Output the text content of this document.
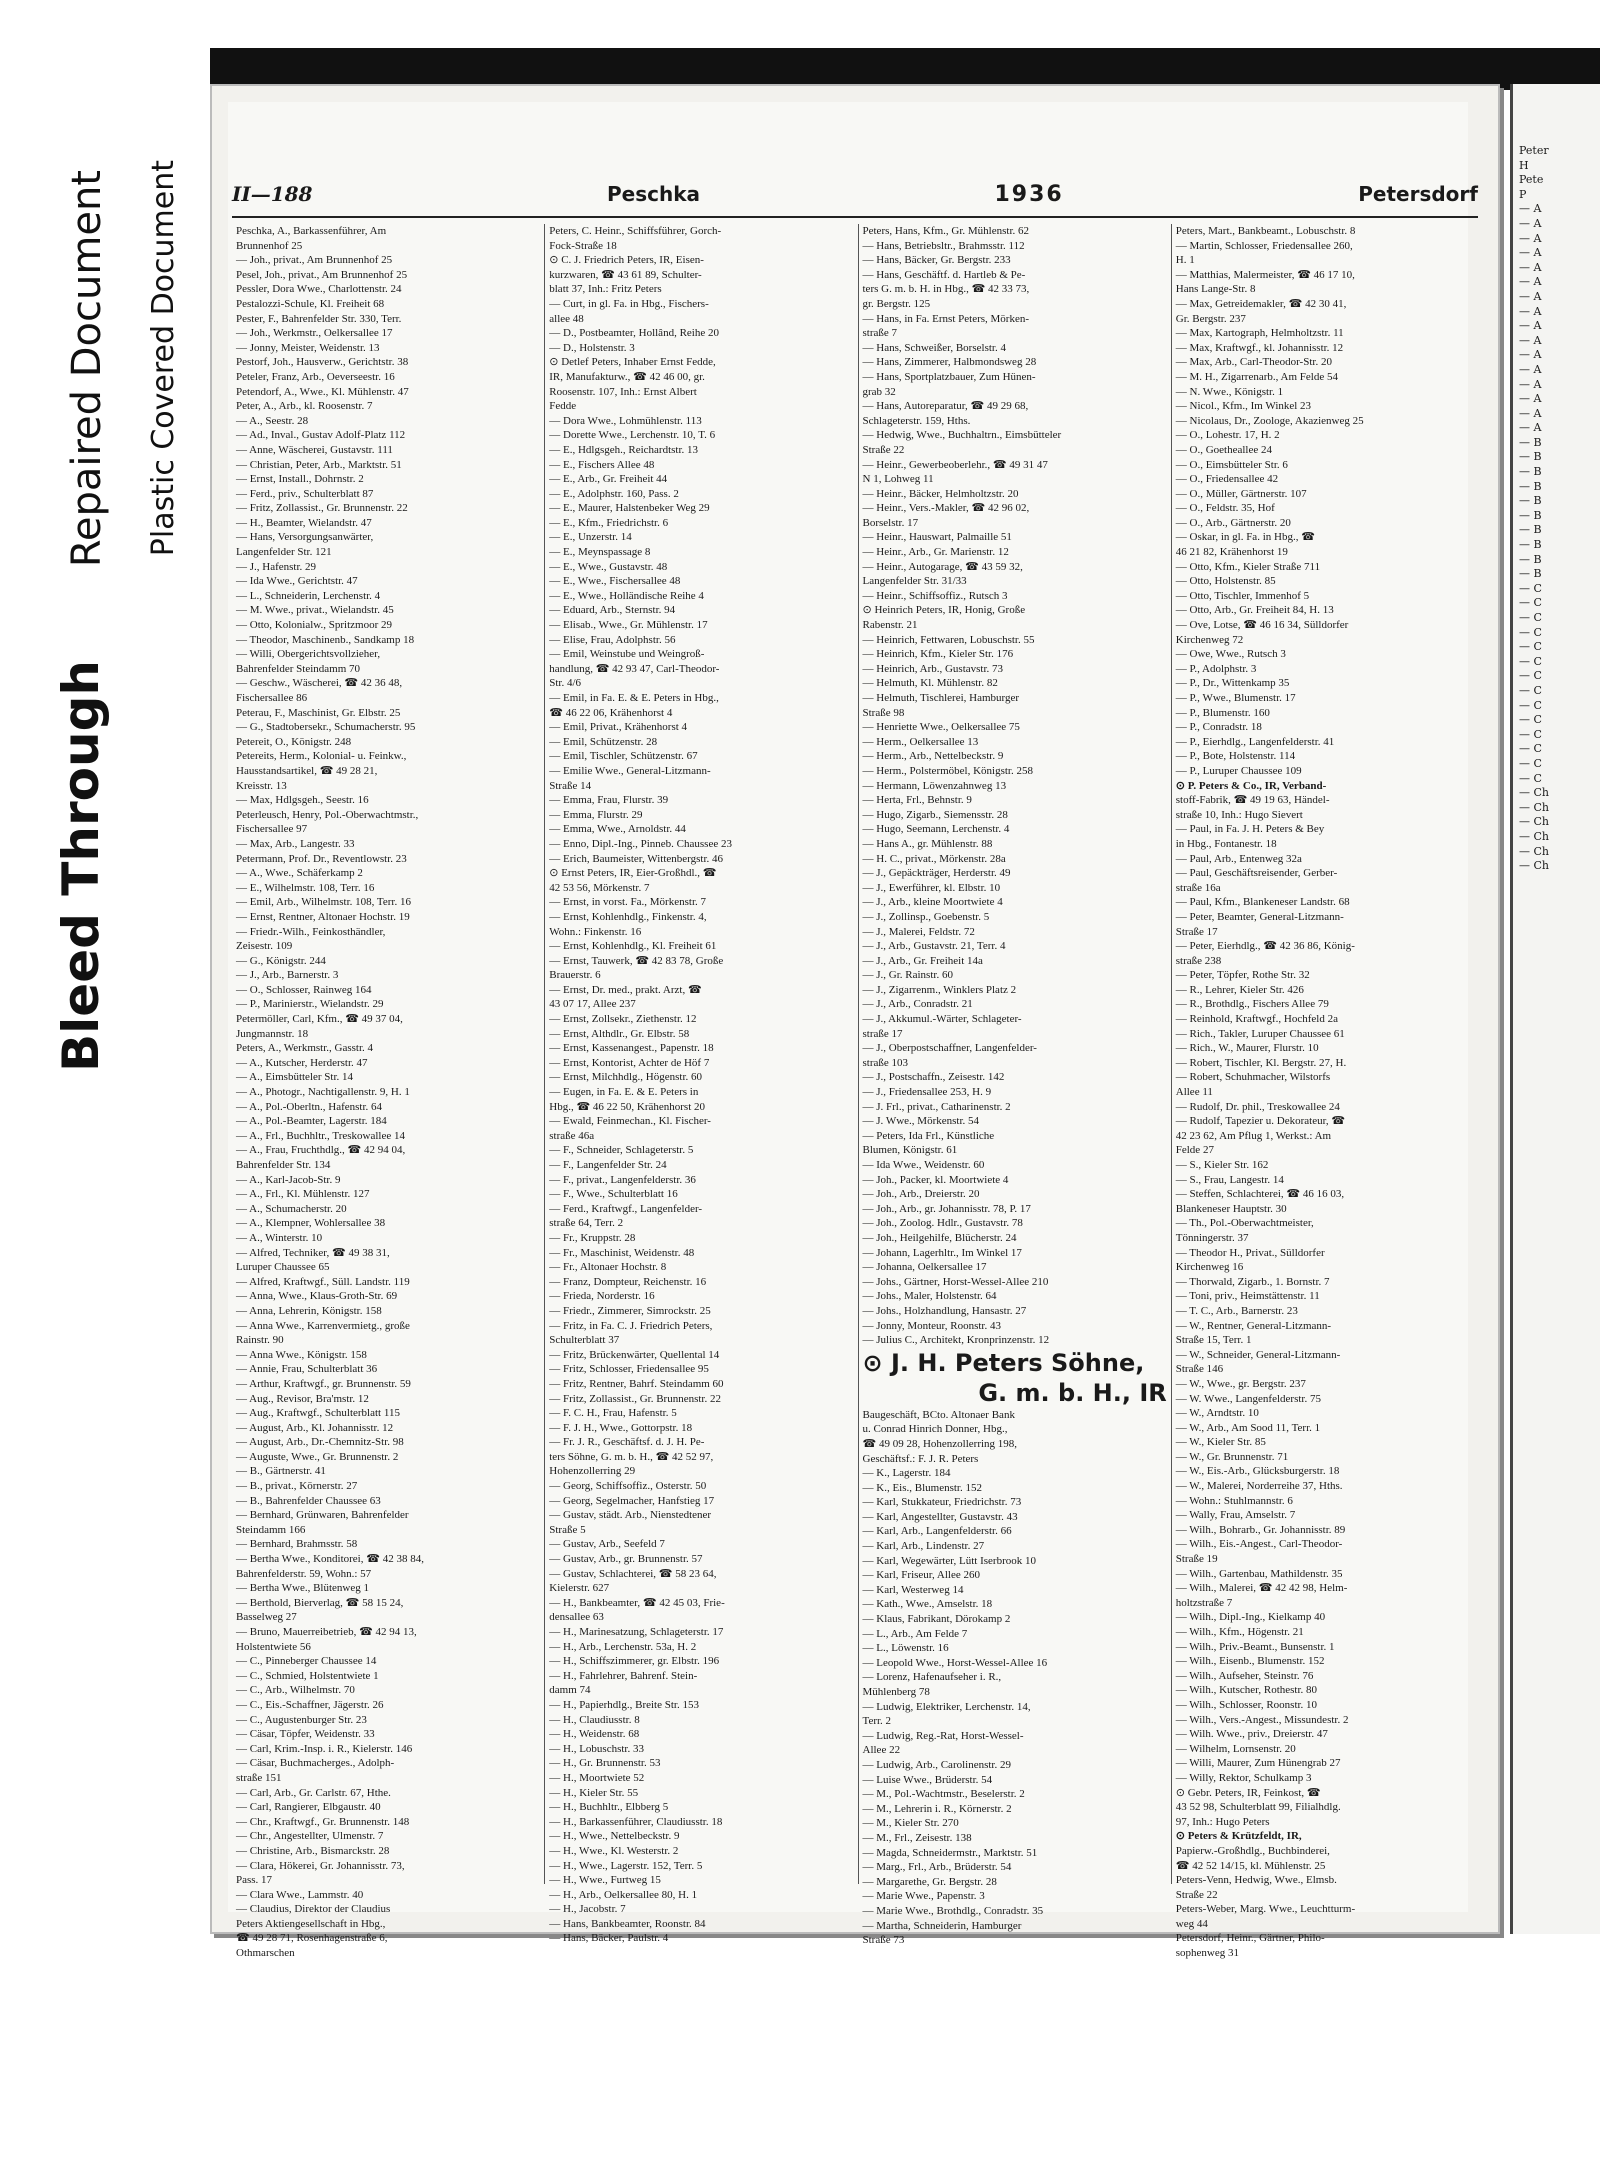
Bleed Through
Repaired Document Plastic Covered Document	II—188	Peschka	1936	Petersdorf
Peschka, A., Barkassenführer, Am
Brunnenhof 25
— Joh., privat., Am Brunnenhof 25
Pesel, Joh., privat., Am Brunnenhof 25
Pessler, Dora Wwe., Charlottenstr. 24
Pestalozzi-Schule, Kl. Freiheit 68
Pester, F., Bahrenfelder Str. 330, Terr.
— Joh., Werkmstr., Oelkersallee 17
— Jonny, Meister, Weidenstr. 13
Pestorf, Joh., Hausverw., Gerichtstr. 38
Peteler, Franz, Arb., Oeverseestr. 16
Petendorf, A., Wwe., Kl. Mühlenstr. 47
Peter, A., Arb., kl. Roosenstr. 7
— A., Seestr. 28
— Ad., Inval., Gustav Adolf-Platz 112
— Anne, Wäscherei, Gustavstr. 111
— Christian, Peter, Arb., Marktstr. 51
— Ernst, Install., Dohrnstr. 2
— Ferd., priv., Schulterblatt 87
— Fritz, Zollassist., Gr. Brunnenstr. 22
— H., Beamter, Wielandstr. 47
— Hans, Versorgungsanwärter,
Langenfelder Str. 121
— J., Hafenstr. 29
— Ida Wwe., Gerichtstr. 47
— L., Schneiderin, Lerchenstr. 4
— M. Wwe., privat., Wielandstr. 45
— Otto, Kolonialw., Spritzmoor 29
— Theodor, Maschinenb., Sandkamp 18
— Willi, Obergerichtsvollzieher,
Bahrenfelder Steindamm 70
— Geschw., Wäscherei, ☎ 42 36 48,
Fischersallee 86
Peterau, F., Maschinist, Gr. Elbstr. 25
— G., Stadtobersekr., Schumacherstr. 95
Petereit, O., Königstr. 248
Petereits, Herm., Kolonial- u. Feinkw.,
Hausstandsartikel, ☎ 49 28 21,
Kreisstr. 13
— Max, Hdlgsgeh., Seestr. 16
Peterleusch, Henry, Pol.-Oberwachtmstr.,
Fischersallee 97
— Max, Arb., Langestr. 33
Petermann, Prof. Dr., Reventlowstr. 23
— A., Wwe., Schäferkamp 2
— E., Wilhelmstr. 108, Terr. 16
— Emil, Arb., Wilhelmstr. 108, Terr. 16
— Ernst, Rentner, Altonaer Hochstr. 19
— Friedr.-Wilh., Feinkosthändler,
Zeisestr. 109
— G., Königstr. 244
— J., Arb., Barnerstr. 3
— O., Schlosser, Rainweg 164
— P., Marinierstr., Wielandstr. 29
Petermöller, Carl, Kfm., ☎ 49 37 04,
Jungmannstr. 18
Peters, A., Werkmstr., Gasstr. 4
— A., Kutscher, Herderstr. 47
— A., Eimsbütteler Str. 14
— A., Photogr., Nachtigallenstr. 9, H. 1
— A., Pol.-Oberltn., Hafenstr. 64
— A., Pol.-Beamter, Lagerstr. 184
— A., Frl., Buchhltr., Treskowallee 14
— A., Frau, Fruchthdlg., ☎ 42 94 04,
Bahrenfelder Str. 134
— A., Karl-Jacob-Str. 9
— A., Frl., Kl. Mühlenstr. 127
— A., Schumacherstr. 20
— A., Klempner, Wohlersallee 38
— A., Winterstr. 10
— Alfred, Techniker, ☎ 49 38 31,
Luruper Chaussee 65
— Alfred, Kraftwgf., Süll. Landstr. 119
— Anna, Wwe., Klaus-Groth-Str. 69
— Anna, Lehrerin, Königstr. 158
— Anna Wwe., Karrenvermietg., große
Rainstr. 90
— Anna Wwe., Königstr. 158
— Annie, Frau, Schulterblatt 36
— Arthur, Kraftwgf., gr. Brunnenstr. 59
— Aug., Revisor, Bra'mstr. 12
— Aug., Kraftwgf., Schulterblatt 115
— August, Arb., Kl. Johannisstr. 12
— August, Arb., Dr.-Chemnitz-Str. 98
— Auguste, Wwe., Gr. Brunnenstr. 2
— B., Gärtnerstr. 41
— B., privat., Körnerstr. 27
— B., Bahrenfelder Chaussee 63
— Bernhard, Grünwaren, Bahrenfelder
Steindamm 166
— Bernhard, Brahmsstr. 58
— Bertha Wwe., Konditorei, ☎ 42 38 84,
Bahrenfelderstr. 59, Wohn.: 57
— Bertha Wwe., Blütenweg 1
— Berthold, Bierverlag, ☎ 58 15 24,
Basselweg 27
— Bruno, Mauerreibetrieb, ☎ 42 94 13,
Holstentwiete 56
— C., Pinneberger Chaussee 14
— C., Schmied, Holstentwiete 1
— C., Arb., Wilhelmstr. 70
— C., Eis.-Schaffner, Jägerstr. 26
— C., Augustenburger Str. 23
— Cäsar, Töpfer, Weidenstr. 33
— Carl, Krim.-Insp. i. R., Kielerstr. 146
— Cäsar, Buchmacherges., Adolph-
straße 151
— Carl, Arb., Gr. Carlstr. 67, Hthe.
— Carl, Rangierer, Elbgaustr. 40
— Chr., Kraftwgf., Gr. Brunnenstr. 148
— Chr., Angestellter, Ulmenstr. 7
— Christine, Arb., Bismarckstr. 28
— Clara, Hökerei, Gr. Johannisstr. 73,
Pass. 17
— Clara Wwe., Lammstr. 40
— Claudius, Direktor der Claudius
Peters Aktiengesellschaft in Hbg.,
☎ 49 28 71, Rosenhagenstraße 6,
Othmarschen
Peters, C. Heinr., Schiffsführer, Gorch-
Fock-Straße 18
⊙ C. J. Friedrich Peters, IR, Eisen-
kurzwaren, ☎ 43 61 89, Schulter-
blatt 37, Inh.: Fritz Peters
— Curt, in gl. Fa. in Hbg., Fischers-
allee 48
— D., Postbeamter, Hollând, Reihe 20
— D., Holstenstr. 3
⊙ Detlef Peters, Inhaber Ernst Fedde,
IR, Manufakturw., ☎ 42 46 00, gr.
Roosenstr. 107, Inh.: Ernst Albert
Fedde
— Dora Wwe., Lohmühlenstr. 113
— Dorette Wwe., Lerchenstr. 10, T. 6
— E., Hdlgsgeh., Reichardtstr. 13
— E., Fischers Allee 48
— E., Arb., Gr. Freiheit 44
— E., Adolphstr. 160, Pass. 2
— E., Maurer, Halstenbeker Weg 29
— E., Kfm., Friedrichstr. 6
— E., Unzerstr. 14
— E., Meynspassage 8
— E., Wwe., Gustavstr. 48
— E., Wwe., Fischersallee 48
— E., Wwe., Holländische Reihe 4
— Eduard, Arb., Sternstr. 94
— Elisab., Wwe., Gr. Mühlenstr. 17
— Elise, Frau, Adolphstr. 56
— Emil, Weinstube und Weingroß-
handlung, ☎ 42 93 47, Carl-Theodor-
Str. 4/6
— Emil, in Fa. E. & E. Peters in Hbg.,
☎ 46 22 06, Krähenhorst 4
— Emil, Privat., Krähenhorst 4
— Emil, Schützenstr. 28
— Emil, Tischler, Schützenstr. 67
— Emilie Wwe., General-Litzmann-
Straße 14
— Emma, Frau, Flurstr. 39
— Emma, Flurstr. 29
— Emma, Wwe., Arnoldstr. 44
— Enno, Dipl.-Ing., Pinneb. Chaussee 23
— Erich, Baumeister, Wittenbergstr. 46
⊙ Ernst Peters, IR, Eier-Großhdl., ☎
42 53 56, Mörkenstr. 7
— Ernst, in vorst. Fa., Mörkenstr. 7
— Ernst, Kohlenhdlg., Finkenstr. 4,
Wohn.: Finkenstr. 16
— Ernst, Kohlenhdlg., Kl. Freiheit 61
— Ernst, Tauwerk, ☎ 42 83 78, Große
Brauerstr. 6
— Ernst, Dr. med., prakt. Arzt, ☎
43 07 17, Allee 237
— Ernst, Zollsekr., Ziethenstr. 12
— Ernst, Althdlr., Gr. Elbstr. 58
— Ernst, Kassenangest., Papenstr. 18
— Ernst, Kontorist, Achter de Höf 7
— Ernst, Milchhdlg., Högenstr. 60
— Eugen, in Fa. E. & E. Peters in
Hbg., ☎ 46 22 50, Krähenhorst 20
— Ewald, Feinmechan., Kl. Fischer-
straße 46a
— F., Schneider, Schlageterstr. 5
— F., Langenfelder Str. 24
— F., privat., Langenfelderstr. 36
— F., Wwe., Schulterblatt 16
— Ferd., Kraftwgf., Langenfelder-
straße 64, Terr. 2
— Fr., Kruppstr. 28
— Fr., Maschinist, Weidenstr. 48
— Fr., Altonaer Hochstr. 8
— Franz, Dompteur, Reichenstr. 16
— Frieda, Norderstr. 16
— Friedr., Zimmerer, Simrockstr. 25
— Fritz, in Fa. C. J. Friedrich Peters,
Schulterblatt 37
— Fritz, Brückenwärter, Quellental 14
— Fritz, Schlosser, Friedensallee 95
— Fritz, Rentner, Bahrf. Steindamm 60
— Fritz, Zollassist., Gr. Brunnenstr. 22
— F. C. H., Frau, Hafenstr. 5
— F. J. H., Wwe., Gottorpstr. 18
— Fr. J. R., Geschäftsf. d. J. H. Pe-
ters Söhne, G. m. b. H., ☎ 42 52 97,
Hohenzollerring 29
— Georg, Schiffsoffiz., Osterstr. 50
— Georg, Segelmacher, Hanfstieg 17
— Gustav, städt. Arb., Nienstedtener
Straße 5
— Gustav, Arb., Seefeld 7
— Gustav, Arb., gr. Brunnenstr. 57
— Gustav, Schlachterei, ☎ 58 23 64,
Kielerstr. 627
— H., Bankbeamter, ☎ 42 45 03, Frie-
densallee 63
— H., Marinesatzung, Schlageterstr. 17
— H., Arb., Lerchenstr. 53a, H. 2
— H., Schiffszimmerer, gr. Elbstr. 196
— H., Fahrlehrer, Bahrenf. Stein-
damm 74
— H., Papierhdlg., Breite Str. 153
— H., Claudiusstr. 8
— H., Weidenstr. 68
— H., Lobuschstr. 33
— H., Gr. Brunnenstr. 53
— H., Moortwiete 52
— H., Kieler Str. 55
— H., Buchhltr., Elbberg 5
— H., Barkassenführer, Claudiusstr. 18
— H., Wwe., Nettelbeckstr. 9
— H., Wwe., Kl. Westerstr. 2
— H., Wwe., Lagerstr. 152, Terr. 5
— H., Wwe., Furtweg 15
— H., Arb., Oelkersallee 80, H. 1
— H., Jacobstr. 7
— Hans, Bankbeamter, Roonstr. 84
— Hans, Bäcker, Paulstr. 4
Peters, Hans, Kfm., Gr. Mühlenstr. 62
— Hans, Betriebsltr., Brahmsstr. 112
— Hans, Bäcker, Gr. Bergstr. 233
— Hans, Geschäftf. d. Hartleb & Pe-
ters G. m. b. H. in Hbg., ☎ 42 33 73,
gr. Bergstr. 125
— Hans, in Fa. Ernst Peters, Mörken-
straße 7
— Hans, Schweißer, Borselstr. 4
— Hans, Zimmerer, Halbmondsweg 28
— Hans, Sportplatzbauer, Zum Hünen-
grab 32
— Hans, Autoreparatur, ☎ 49 29 68,
Schlageterstr. 159, Hths.
— Hedwig, Wwe., Buchhaltrn., Eimsbütteler
Straße 22
— Heinr., Gewerbeoberlehr., ☎ 49 31 47
N 1, Lohweg 11
— Heinr., Bäcker, Helmholtzstr. 20
— Heinr., Vers.-Makler, ☎ 42 96 02,
Borselstr. 17
— Heinr., Hauswart, Palmaille 51
— Heinr., Arb., Gr. Marienstr. 12
— Heinr., Autogarage, ☎ 43 59 32,
Langenfelder Str. 31/33
— Heinr., Schiffsoffiz., Rutsch 3
⊙ Heinrich Peters, IR, Honig, Große
Rabenstr. 21
— Heinrich, Fettwaren, Lobuschstr. 55
— Heinrich, Kfm., Kieler Str. 176
— Heinrich, Arb., Gustavstr. 73
— Helmuth, Kl. Mühlenstr. 82
— Helmuth, Tischlerei, Hamburger
Straße 98
— Henriette Wwe., Oelkersallee 75
— Herm., Oelkersallee 13
— Herm., Arb., Nettelbeckstr. 9
— Herm., Polstermöbel, Königstr. 258
— Hermann, Löwenzahnweg 13
— Herta, Frl., Behnstr. 9
— Hugo, Zigarb., Siemensstr. 28
— Hugo, Seemann, Lerchenstr. 4
— Hans A., gr. Mühlenstr. 88
— H. C., privat., Mörkenstr. 28a
— J., Gepäckträger, Herderstr. 49
— J., Ewerführer, kl. Elbstr. 10
— J., Arb., kleine Moortwiete 4
— J., Zollinsp., Goebenstr. 5
— J., Malerei, Feldstr. 72
— J., Arb., Gustavstr. 21, Terr. 4
— J., Arb., Gr. Freiheit 14a
— J., Gr. Rainstr. 60
— J., Zigarrenm., Winklers Platz 2
— J., Arb., Conradstr. 21
— J., Akkumul.-Wärter, Schlageter-
straße 17
— J., Oberpostschaffner, Langenfelder-
straße 103
— J., Postschaffn., Zeisestr. 142
— J., Friedensallee 253, H. 9
— J. Frl., privat., Catharinenstr. 2
— J. Wwe., Mörkenstr. 54
— Peters, Ida Frl., Künstliche
Blumen, Königstr. 61
— Ida Wwe., Weidenstr. 60
— Joh., Packer, kl. Moortwiete 4
— Joh., Arb., Dreierstr. 20
— Joh., Arb., gr. Johannisstr. 78, P. 17
— Joh., Zoolog. Hdlr., Gustavstr. 78
— Joh., Heilgehilfe, Blücherstr. 24
— Johann, Lagerhltr., Im Winkel 17
— Johanna, Oelkersallee 17
— Johs., Gärtner, Horst-Wessel-Allee 210
— Johs., Maler, Holstenstr. 64
— Johs., Holzhandlung, Hansastr. 27
— Jonny, Monteur, Roonstr. 43
— Julius C., Architekt, Kronprinzenstr. 12
⊙ J. H. Peters Söhne,
G. m. b. H., IR
Baugeschäft, BCto. Altonaer Bank
u. Conrad Hinrich Donner, Hbg.,
☎ 49 09 28, Hohenzollerring 198,
Geschäftsf.: F. J. R. Peters
— K., Lagerstr. 184
— K., Eis., Blumenstr. 152
— Karl, Stukkateur, Friedrichstr. 73
— Karl, Angestellter, Gustavstr. 43
— Karl, Arb., Langenfelderstr. 66
— Karl, Arb., Lindenstr. 27
— Karl, Wegewärter, Lütt Iserbrook 10
— Karl, Friseur, Allee 260
— Karl, Westerweg 14
— Kath., Wwe., Amselstr. 18
— Klaus, Fabrikant, Dörokamp 2
— L., Arb., Am Felde 7
— L., Löwenstr. 16
— Leopold Wwe., Horst-Wessel-Allee 16
— Lorenz, Hafenaufseher i. R.,
Mühlenberg 78
— Ludwig, Elektriker, Lerchenstr. 14,
Terr. 2
— Ludwig, Reg.-Rat, Horst-Wessel-
Allee 22
— Ludwig, Arb., Carolinenstr. 29
— Luise Wwe., Brüderstr. 54
— M., Pol.-Wachtmstr., Beselerstr. 2
— M., Lehrerin i. R., Körnerstr. 2
— M., Kieler Str. 270
— M., Frl., Zeisestr. 138
— Magda, Schneidermstr., Marktstr. 51
— Marg., Frl., Arb., Brüderstr. 54
— Margarethe, Gr. Bergstr. 28
— Marie Wwe., Papenstr. 3
— Marie Wwe., Brothdlg., Conradstr. 35
— Martha, Schneiderin, Hamburger
Straße 73
Peters, Mart., Bankbeamt., Lobuschstr. 8
— Martin, Schlosser, Friedensallee 260,
H. 1
— Matthias, Malermeister, ☎ 46 17 10,
Hans Lange-Str. 8
— Max, Getreidemakler, ☎ 42 30 41,
Gr. Bergstr. 237
— Max, Kartograph, Helmholtzstr. 11
— Max, Kraftwgf., kl. Johannisstr. 12
— Max, Arb., Carl-Theodor-Str. 20
— M. H., Zigarrenarb., Am Felde 54
— N. Wwe., Königstr. 1
— Nicol., Kfm., Im Winkel 23
— Nicolaus, Dr., Zoologe, Akazienweg 25
— O., Lohestr. 17, H. 2
— O., Goetheallee 24
— O., Eimsbütteler Str. 6
— O., Friedensallee 42
— O., Müller, Gärtnerstr. 107
— O., Feldstr. 35, Hof
— O., Arb., Gärtnerstr. 20
— Oskar, in gl. Fa. in Hbg., ☎
46 21 82, Krähenhorst 19
— Otto, Kfm., Kieler Straße 711
— Otto, Holstenstr. 85
— Otto, Tischler, Immenhof 5
— Otto, Arb., Gr. Freiheit 84, H. 13
— Ove, Lotse, ☎ 46 16 34, Sülldorfer
Kirchenweg 72
— Owe, Wwe., Rutsch 3
— P., Adolphstr. 3
— P., Dr., Wittenkamp 35
— P., Wwe., Blumenstr. 17
— P., Blumenstr. 160
— P., Conradstr. 18
— P., Eierhdlg., Langenfelderstr. 41
— P., Bote, Holstenstr. 114
— P., Luruper Chaussee 109
⊙ P. Peters & Co., IR, Verband-
stoff-Fabrik, ☎ 49 19 63, Händel-
straße 10, Inh.: Hugo Sievert
— Paul, in Fa. J. H. Peters & Bey
in Hbg., Fontanestr. 18
— Paul, Arb., Entenweg 32a
— Paul, Geschäftsreisender, Gerber-
straße 16a
— Paul, Kfm., Blankeneser Landstr. 68
— Peter, Beamter, General-Litzmann-
Straße 17
— Peter, Eierhdlg., ☎ 42 36 86, König-
straße 238
— Peter, Töpfer, Rothe Str. 32
— R., Lehrer, Kieler Str. 426
— R., Brothdlg., Fischers Allee 79
— Reinhold, Kraftwgf., Hochfeld 2a
— Rich., Takler, Luruper Chaussee 61
— Rich., W., Maurer, Flurstr. 10
— Robert, Tischler, Kl. Bergstr. 27, H.
— Robert, Schuhmacher, Wilstorfs
Allee 11
— Rudolf, Dr. phil., Treskowallee 24
— Rudolf, Tapezier u. Dekorateur, ☎
42 23 62, Am Pflug 1, Werkst.: Am
Felde 27
— S., Kieler Str. 162
— S., Frau, Langestr. 14
— Steffen, Schlachterei, ☎ 46 16 03,
Blankeneser Hauptstr. 30
— Th., Pol.-Oberwachtmeister,
Tönningerstr. 37
— Theodor H., Privat., Sülldorfer
Kirchenweg 16
— Thorwald, Zigarb., 1. Bornstr. 7
— Toni, priv., Heimstättenstr. 11
— T. C., Arb., Barnerstr. 23
— W., Rentner, General-Litzmann-
Straße 15, Terr. 1
— W., Schneider, General-Litzmann-
Straße 146
— W., Wwe., gr. Bergstr. 237
— W. Wwe., Langenfelderstr. 75
— W., Arndtstr. 10
— W., Arb., Am Sood 11, Terr. 1
— W., Kieler Str. 85
— W., Gr. Brunnenstr. 71
— W., Eis.-Arb., Glücksburgerstr. 18
— W., Malerei, Norderreihe 37, Hths.
— Wohn.: Stuhlmannstr. 6
— Wally, Frau, Amselstr. 7
— Wilh., Bohrarb., Gr. Johannisstr. 89
— Wilh., Eis.-Angest., Carl-Theodor-
Straße 19
— Wilh., Gartenbau, Mathildenstr. 35
— Wilh., Malerei, ☎ 42 42 98, Helm-
holtzstraße 7
— Wilh., Dipl.-Ing., Kielkamp 40
— Wilh., Kfm., Högenstr. 21
— Wilh., Priv.-Beamt., Bunsenstr. 1
— Wilh., Eisenb., Blumenstr. 152
— Wilh., Aufseher, Steinstr. 76
— Wilh., Kutscher, Rothestr. 80
— Wilh., Schlosser, Roonstr. 10
— Wilh., Vers.-Angest., Missundestr. 2
— Wilh. Wwe., priv., Dreierstr. 47
— Wilhelm, Lornsenstr. 20
— Willi, Maurer, Zum Hünengrab 27
— Willy, Rektor, Schulkamp 3
⊙ Gebr. Peters, IR, Feinkost, ☎
43 52 98, Schulterblatt 99, Filialhdlg.
97, Inh.: Hugo Peters
⊙ Peters & Krützfeldt, IR,
Papierw.-Großhdlg., Buchbinderei,
☎ 42 52 14/15, kl. Mühlenstr. 25
Peters-Venn, Hedwig, Wwe., Elmsb.
Straße 22
Peters-Weber, Marg. Wwe., Leuchtturm-
weg 44
Petersdorf, Heinr., Gärtner, Philo-
sophenweg 31
Peter
H
Pete
P
— A
— A
— A
— A
— A
— A
— A
— A
— A
— A
— A
— A
— A
— A
— A
— A
— B
— B
— B
— B
— B
— B
— B
— B
— B
— B
— C
— C
— C
— C
— C
— C
— C
— C
— C
— C
— C
— C
— C
— C
— Ch
— Ch
— Ch
— Ch
— Ch
— Ch
